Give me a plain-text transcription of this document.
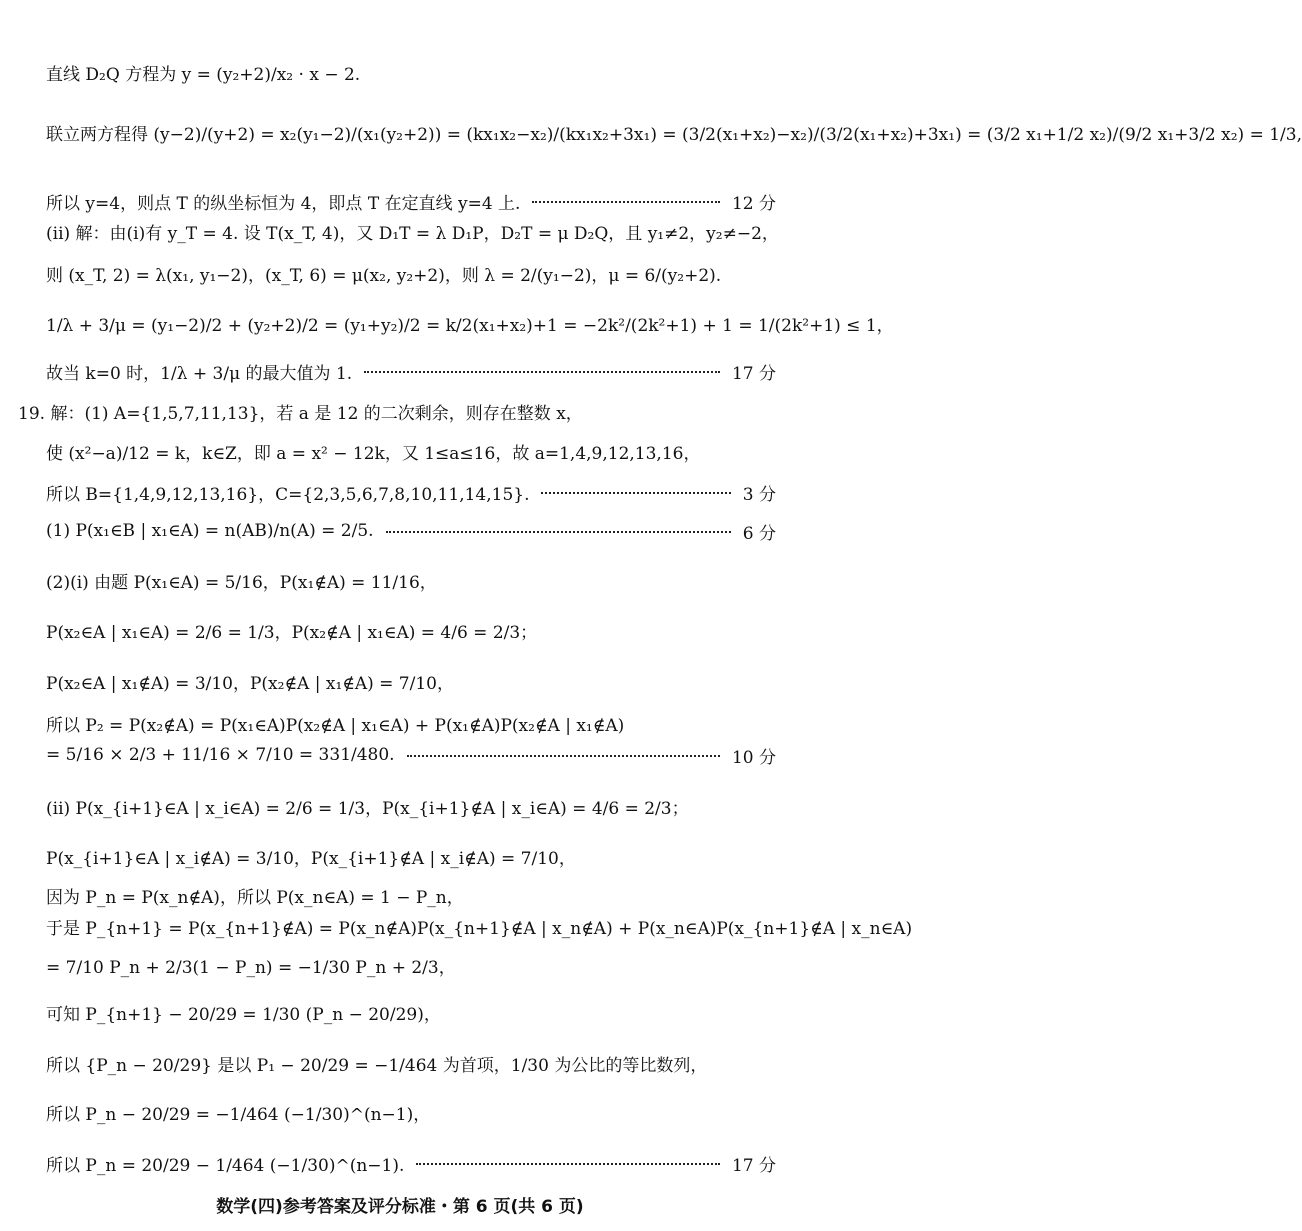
直线 D₂Q 方程为 y = (y₂+2)/x₂ · x − 2.
联立两方程得 (y−2)/(y+2) = x₂(y₁−2)/(x₁(y₂+2)) = (kx₁x₂−x₂)/(kx₁x₂+3x₁) = (3/2(x₁+x₂)−x₂)/(3/2(x₁+x₂)+3x₁) = (3/2 x₁+1/2 x₂)/(9/2 x₁+3/2 x₂) = 1/3,
所以 y=4，则点 T 的纵坐标恒为 4，即点 T 在定直线 y=4 上.	12 分
(ii) 解：由(i)有 y_T = 4. 设 T(x_T, 4)，又 D₁T = λ D₁P，D₂T = μ D₂Q，且 y₁≠2，y₂≠−2，
则 (x_T, 2) = λ(x₁, y₁−2)，(x_T, 6) = μ(x₂, y₂+2)，则 λ = 2/(y₁−2)，μ = 6/(y₂+2).
1/λ + 3/μ = (y₁−2)/2 + (y₂+2)/2 = (y₁+y₂)/2 = k/2(x₁+x₂)+1 = −2k²/(2k²+1) + 1 = 1/(2k²+1) ≤ 1，
故当 k=0 时，1/λ + 3/μ 的最大值为 1.	17 分
19. 解：(1) A={1,5,7,11,13}，若 a 是 12 的二次剩余，则存在整数 x，
使 (x²−a)/12 = k，k∈Z，即 a = x² − 12k，又 1≤a≤16，故 a=1,4,9,12,13,16，
所以 B={1,4,9,12,13,16}，C={2,3,5,6,7,8,10,11,14,15}.	3 分
(1) P(x₁∈B | x₁∈A) = n(AB)/n(A) = 2/5.	6 分
(2)(i) 由题 P(x₁∈A) = 5/16，P(x₁∉A) = 11/16，
P(x₂∈A | x₁∈A) = 2/6 = 1/3，P(x₂∉A | x₁∈A) = 4/6 = 2/3；
P(x₂∈A | x₁∉A) = 3/10，P(x₂∉A | x₁∉A) = 7/10，
所以 P₂ = P(x₂∉A) = P(x₁∈A)P(x₂∉A | x₁∈A) + P(x₁∉A)P(x₂∉A | x₁∉A)
= 5/16 × 2/3 + 11/16 × 7/10 = 331/480.	10 分
(ii) P(x_{i+1}∈A | x_i∈A) = 2/6 = 1/3，P(x_{i+1}∉A | x_i∈A) = 4/6 = 2/3；
P(x_{i+1}∈A | x_i∉A) = 3/10，P(x_{i+1}∉A | x_i∉A) = 7/10，
因为 P_n = P(x_n∉A)，所以 P(x_n∈A) = 1 − P_n，
于是 P_{n+1} = P(x_{n+1}∉A) = P(x_n∉A)P(x_{n+1}∉A | x_n∉A) + P(x_n∈A)P(x_{n+1}∉A | x_n∈A)
= 7/10 P_n + 2/3(1 − P_n) = −1/30 P_n + 2/3，
可知 P_{n+1} − 20/29 = 1/30 (P_n − 20/29)，
所以 {P_n − 20/29} 是以 P₁ − 20/29 = −1/464 为首项，1/30 为公比的等比数列，
所以 P_n − 20/29 = −1/464 (−1/30)^(n−1)，
所以 P_n = 20/29 − 1/464 (−1/30)^(n−1).	17 分
数学(四)参考答案及评分标准・第 6 页(共 6 页)
